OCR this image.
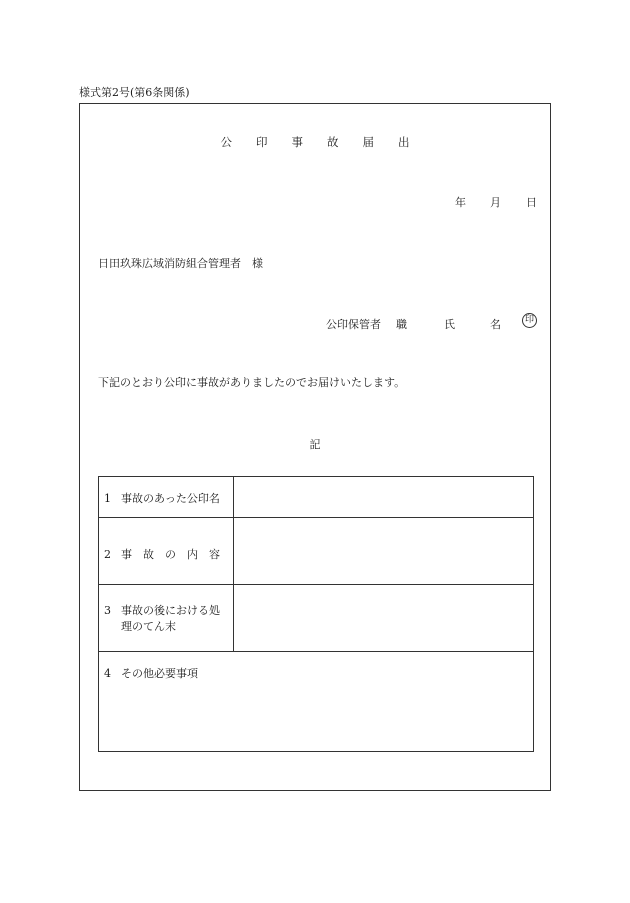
様式第2号(第6条関係)
公 印 事 故 届 出
年 月 日
日田玖珠広域消防組合管理者　様
公印保管者 職	氏	名	印
下記のとおり公印に事故がありましたのでお届けいたします。
記
1 事故のあった公印名	

2 事 故 の 内 容	

3 事故の後における処
理のてん末	

4 その他必要事項	
